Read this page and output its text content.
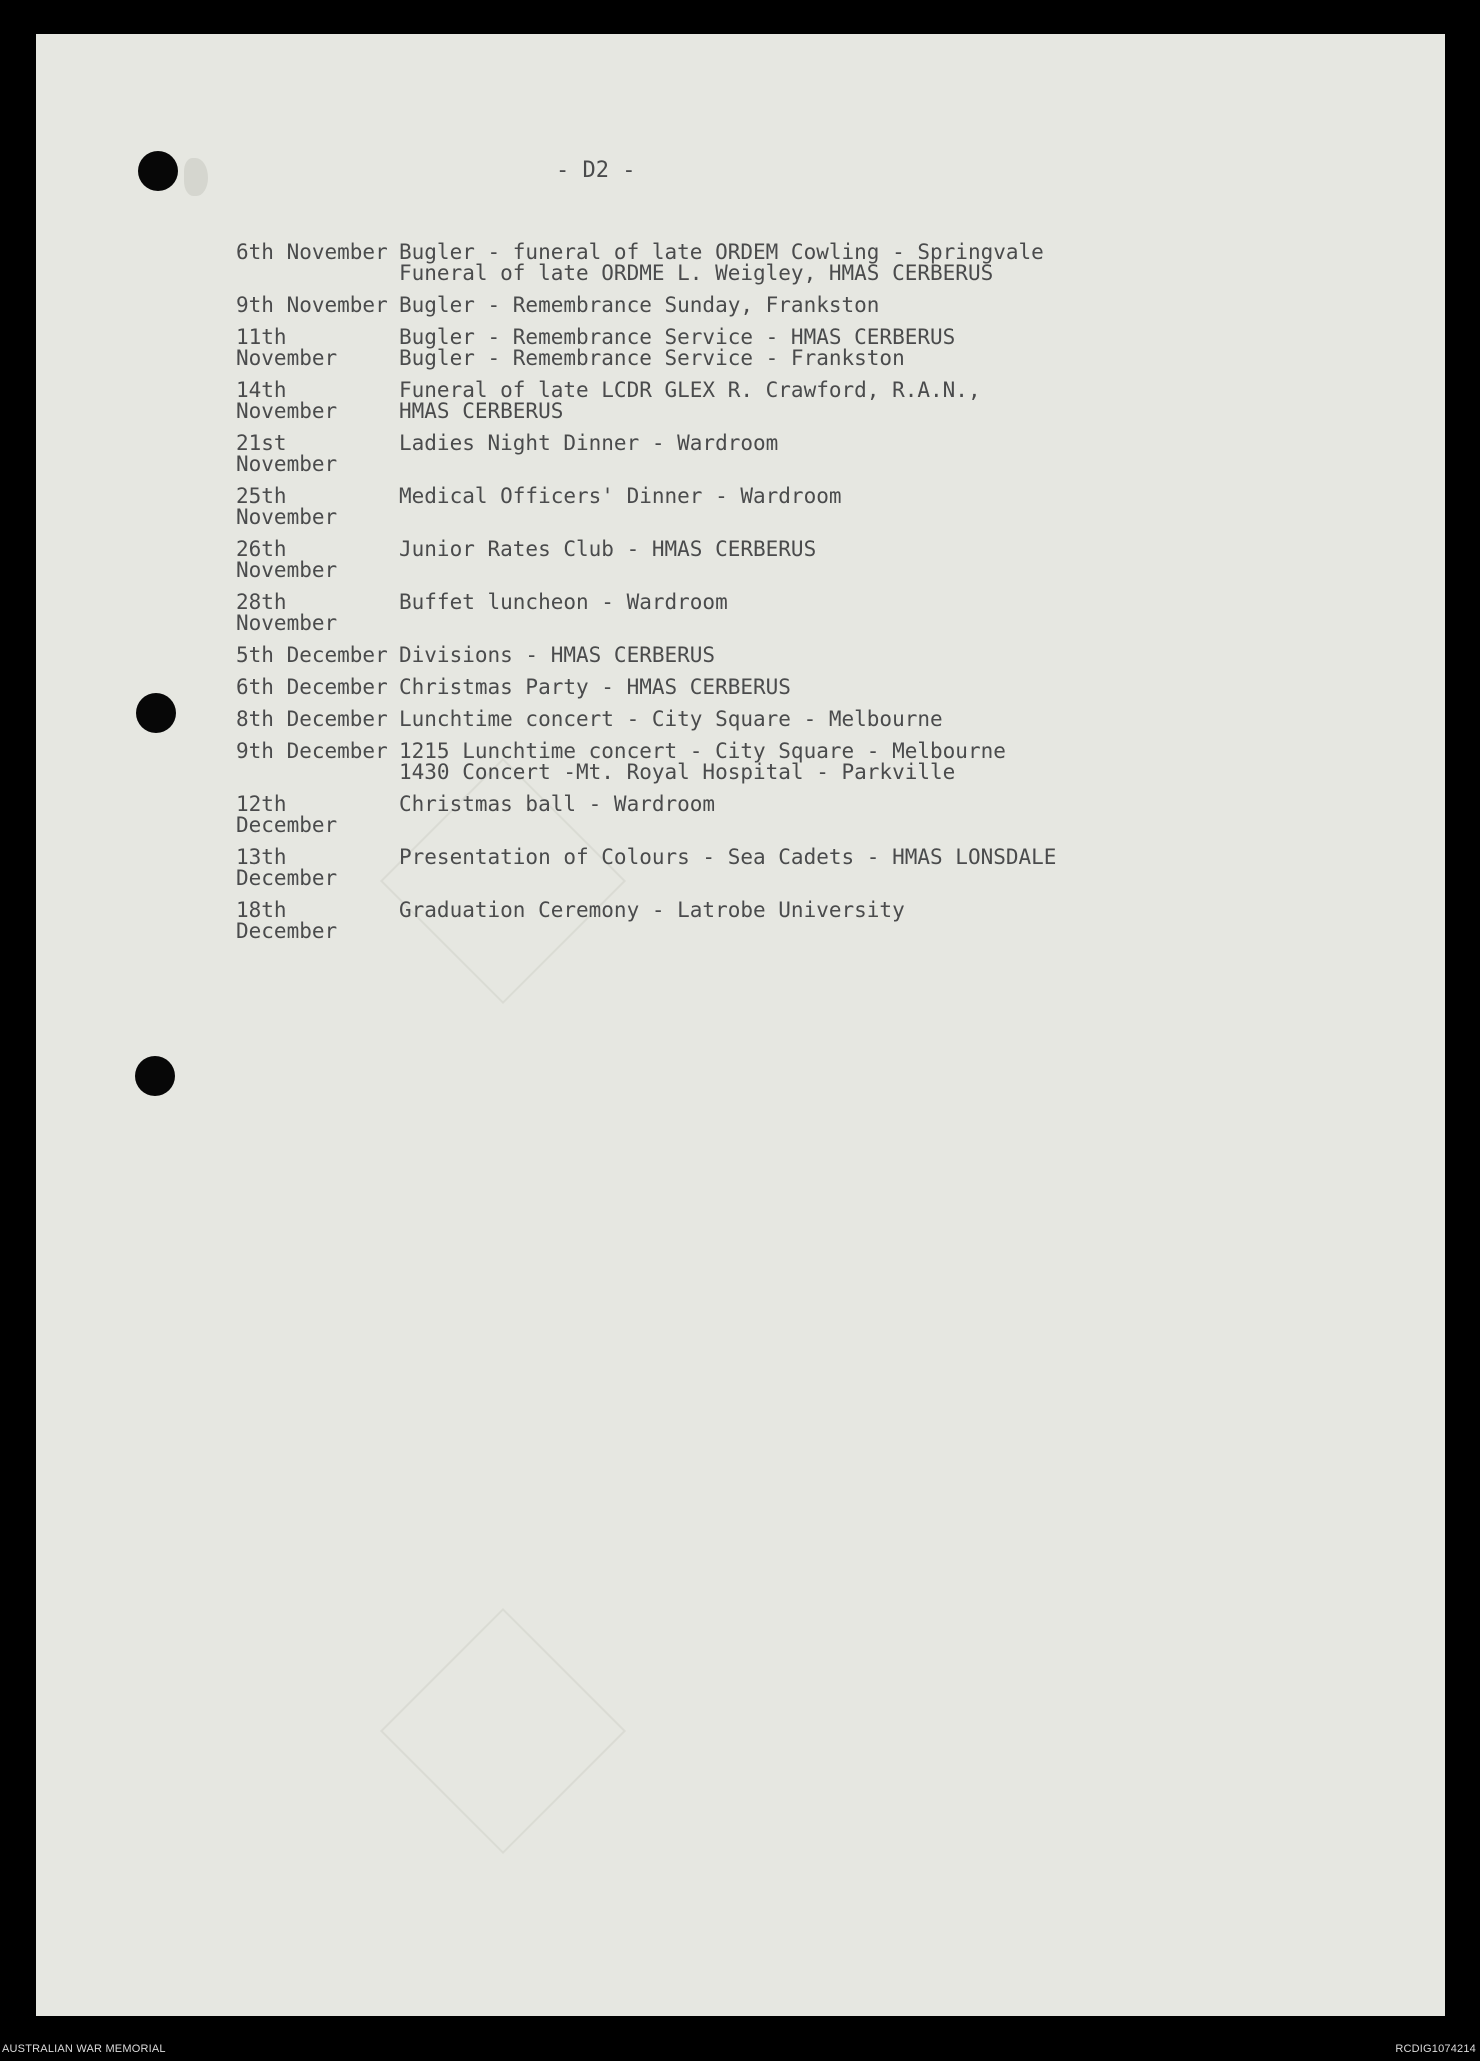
- D2 -
6th November Bugler - funeral of late ORDEM Cowling - Springvale
Funeral of late ORDME L. Weigley, HMAS CERBERUS
9th November Bugler - Remembrance Sunday, Frankston
11th November
Bugler - Remembrance Service - HMAS CERBERUS
Bugler - Remembrance Service - Frankston
14th November
Funeral of late LCDR GLEX R. Crawford, R.A.N.,
HMAS CERBERUS
21st November
Ladies Night Dinner - Wardroom
25th November
Medical Officers' Dinner - Wardroom
26th November
Junior Rates Club - HMAS CERBERUS
28th November
Buffet luncheon - Wardroom
5th December Divisions - HMAS CERBERUS
6th December Christmas Party - HMAS CERBERUS
8th December Lunchtime concert - City Square - Melbourne
9th December 1215 Lunchtime concert - City Square - Melbourne
1430 Concert -Mt. Royal Hospital - Parkville
12th December
Christmas ball - Wardroom
13th December
Presentation of Colours - Sea Cadets - HMAS LONSDALE
18th December
Graduation Ceremony - Latrobe University
AUSTRALIAN WAR MEMORIAL	RCDIG1074214
